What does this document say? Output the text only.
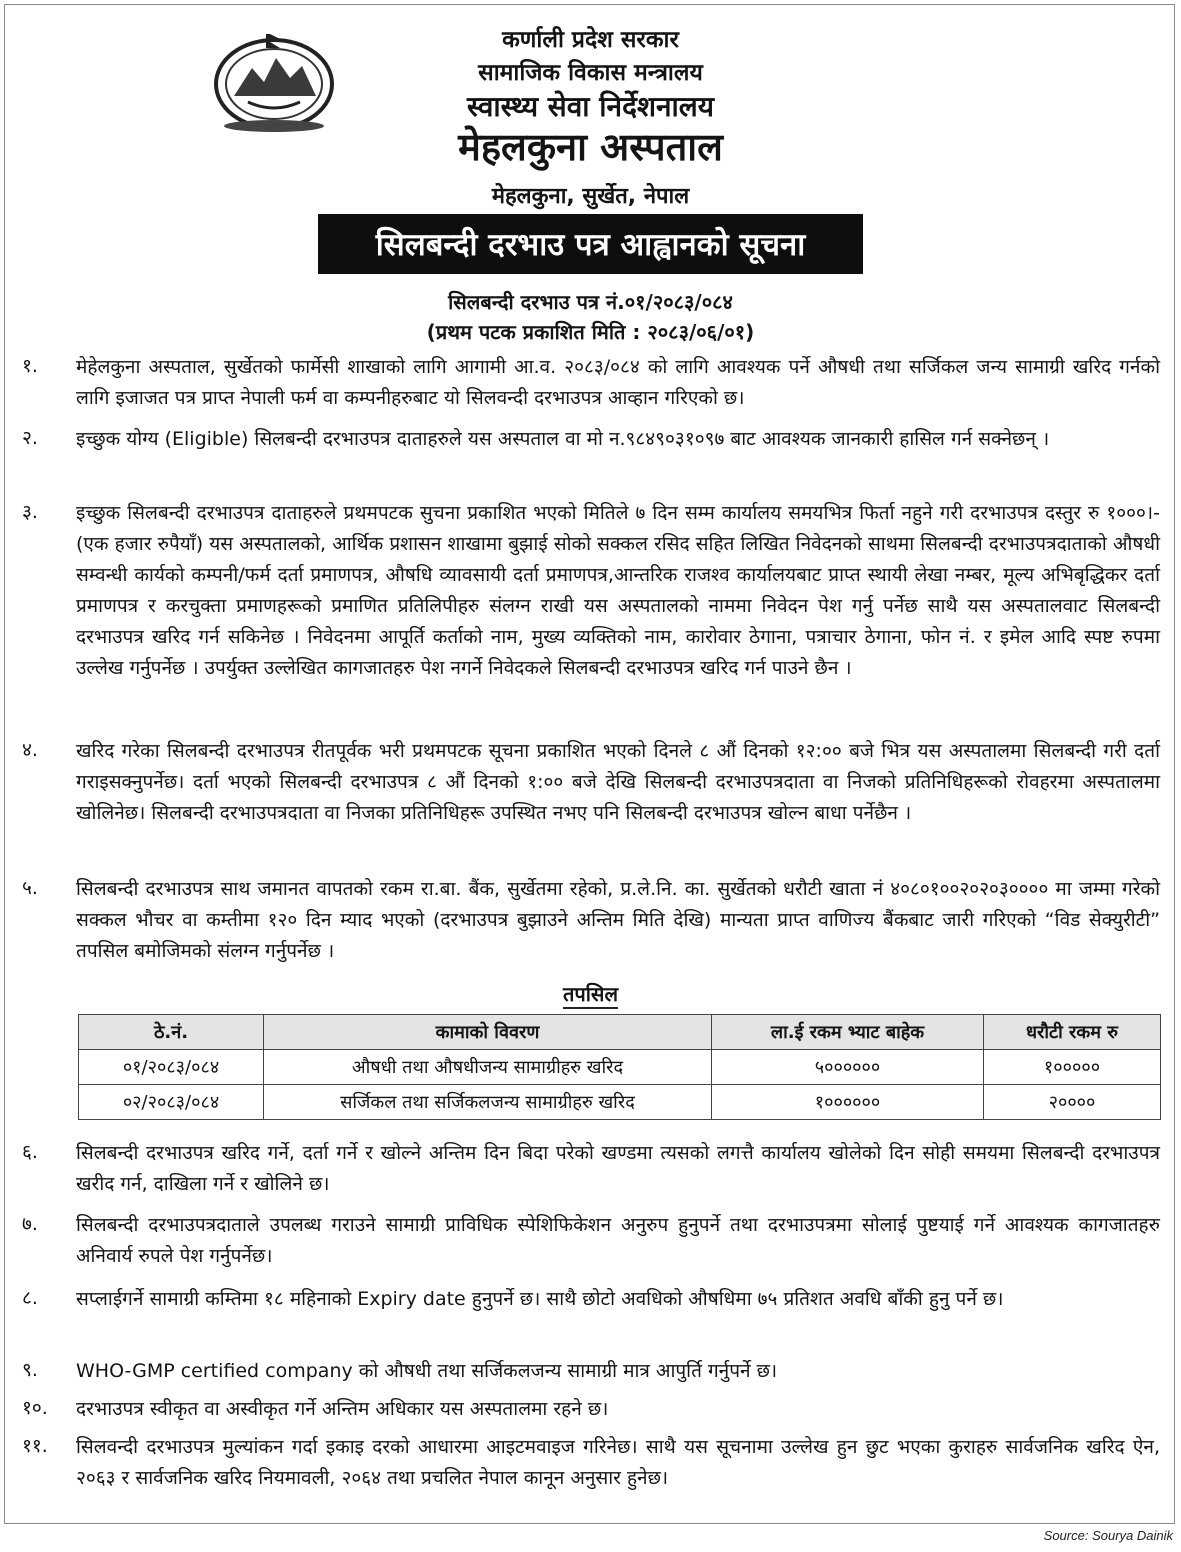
कर्णाली प्रदेश सरकार
सामाजिक विकास मन्त्रालय
स्वास्थ्य सेवा निर्देशनालय
मेहलकुना अस्पताल
मेहलकुना, सुर्खेत, नेपाल
सिलबन्दी दरभाउ पत्र आह्वानको सूचना
सिलबन्दी दरभाउ पत्र नं.०१/२०८३/०८४
(प्रथम पटक प्रकाशित मिति : २०८३/०६/०१)
१. मेहेलकुना अस्पताल, सुर्खेतको फार्मेसी शाखाको लागि आगामी आ.व. २०८३/०८४ को लागि आवश्यक पर्ने औषधी तथा सर्जिकल जन्य सामाग्री खरिद गर्नको लागि इजाजत पत्र प्राप्त नेपाली फर्म वा कम्पनीहरुबाट यो सिलवन्दी दरभाउपत्र आव्हान गरिएको छ।
२. इच्छुक योग्य (Eligible) सिलबन्दी दरभाउपत्र दाताहरुले यस अस्पताल वा मो न.९८४९०३१०९७ बाट आवश्यक जानकारी हासिल गर्न सक्नेछन् ।
३. इच्छुक सिलबन्दी दरभाउपत्र दाताहरुले प्रथमपटक सुचना प्रकाशित भएको मितिले ७ दिन सम्म कार्यालय समयभित्र फिर्ता नहुने गरी दरभाउपत्र दस्तुर रु १०००।- (एक हजार रुपैयाँ) यस अस्पतालको, आर्थिक प्रशासन शाखामा बुझाई सोको सक्कल रसिद सहित लिखित निवेदनको साथमा सिलबन्दी दरभाउपत्रदाताको औषधी सम्वन्धी कार्यको कम्पनी/फर्म दर्ता प्रमाणपत्र, औषधि व्यावसायी दर्ता प्रमाणपत्र,आन्तरिक राजश्व कार्यालयबाट प्राप्त स्थायी लेखा नम्बर, मूल्य अभिबृद्धिकर दर्ता प्रमाणपत्र र करचुक्ता प्रमाणहरूको प्रमाणित प्रतिलिपीहरु संलग्न राखी यस अस्पतालको नाममा निवेदन पेश गर्नु पर्नेछ साथै यस अस्पतालवाट सिलबन्दी दरभाउपत्र खरिद गर्न सकिनेछ । निवेदनमा आपूर्ति कर्ताको नाम, मुख्य व्यक्तिको नाम, कारोवार ठेगाना, पत्राचार ठेगाना, फोन नं. र इमेल आदि स्पष्ट रुपमा उल्लेख गर्नुपर्नेछ । उपर्युक्त उल्लेखित कागजातहरु पेश नगर्ने निवेदकले सिलबन्दी दरभाउपत्र खरिद गर्न पाउने छैन ।
४. खरिद गरेका सिलबन्दी दरभाउपत्र रीतपूर्वक भरी प्रथमपटक सूचना प्रकाशित भएको दिनले ८ औं दिनको १२:०० बजे भित्र यस अस्पतालमा सिलबन्दी गरी दर्ता गराइसक्नुपर्नेछ। दर्ता भएको सिलबन्दी दरभाउपत्र ८ औं दिनको १:०० बजे देखि सिलबन्दी दरभाउपत्रदाता वा निजको प्रतिनिधिहरूको रोवहरमा अस्पतालमा खोलिनेछ। सिलबन्दी दरभाउपत्रदाता वा निजका प्रतिनिधिहरू उपस्थित नभए पनि सिलबन्दी दरभाउपत्र खोल्न बाधा पर्नेछैन ।
५. सिलबन्दी दरभाउपत्र साथ जमानत वापतको रकम रा.बा. बैंक, सुर्खेतमा रहेको, प्र.ले.नि. का. सुर्खेतको धरौटी खाता नं ४०८०१००२०२०३०००० मा जम्मा गरेको सक्कल भौचर वा कम्तीमा १२० दिन म्याद भएको (दरभाउपत्र बुझाउने अन्तिम मिति देखि) मान्यता प्राप्त वाणिज्य बैंकबाट जारी गरिएको “विड सेक्युरीटी” तपसिल बमोजिमको संलग्न गर्नुपर्नेछ ।
तपसिल
ठे.नं.	कामाको विवरण	ला.ई रकम भ्याट बाहेक	धरौटी रकम रु
०१/२०८३/०८४	औषधी तथा औषधीजन्य सामाग्रीहरु खरिद	५००००००	१०००००
०२/२०८३/०८४	सर्जिकल तथा सर्जिकलजन्य सामाग्रीहरु खरिद	१००००००	२००००
६. सिलबन्दी दरभाउपत्र खरिद गर्ने, दर्ता गर्ने र खोल्ने अन्तिम दिन बिदा परेको खण्डमा त्यसको लगत्तै कार्यालय खोलेको दिन सोही समयमा सिलबन्दी दरभाउपत्र खरीद गर्न, दाखिला गर्ने र खोलिने छ।
७. सिलबन्दी दरभाउपत्रदाताले उपलब्ध गराउने सामाग्री प्राविधिक स्पेशिफिकेशन अनुरुप हुनुपर्ने तथा दरभाउपत्रमा सोलाई पुष्टयाई गर्ने आवश्यक कागजातहरु अनिवार्य रुपले पेश गर्नुपर्नेछ।
८. सप्लाईगर्ने सामाग्री कम्तिमा १८ महिनाको Expiry date हुनुपर्ने छ। साथै छोटो अवधिको औषधिमा ७५ प्रतिशत अवधि बाँकी हुनु पर्ने छ।
९. WHO-GMP certified company को औषधी तथा सर्जिकलजन्य सामाग्री मात्र आपुर्ति गर्नुपर्ने छ।
१०. दरभाउपत्र स्वीकृत वा अस्वीकृत गर्ने अन्तिम अधिकार यस अस्पतालमा रहने छ।
११. सिलवन्दी दरभाउपत्र मुल्यांकन गर्दा इकाइ दरको आधारमा आइटमवाइज गरिनेछ। साथै यस सूचनामा उल्लेख हुन छुट भएका कुराहरु सार्वजनिक खरिद ऐन, २०६३ र सार्वजनिक खरिद नियमावली, २०६४ तथा प्रचलित नेपाल कानून अनुसार हुनेछ।
Source: Sourya Dainik
